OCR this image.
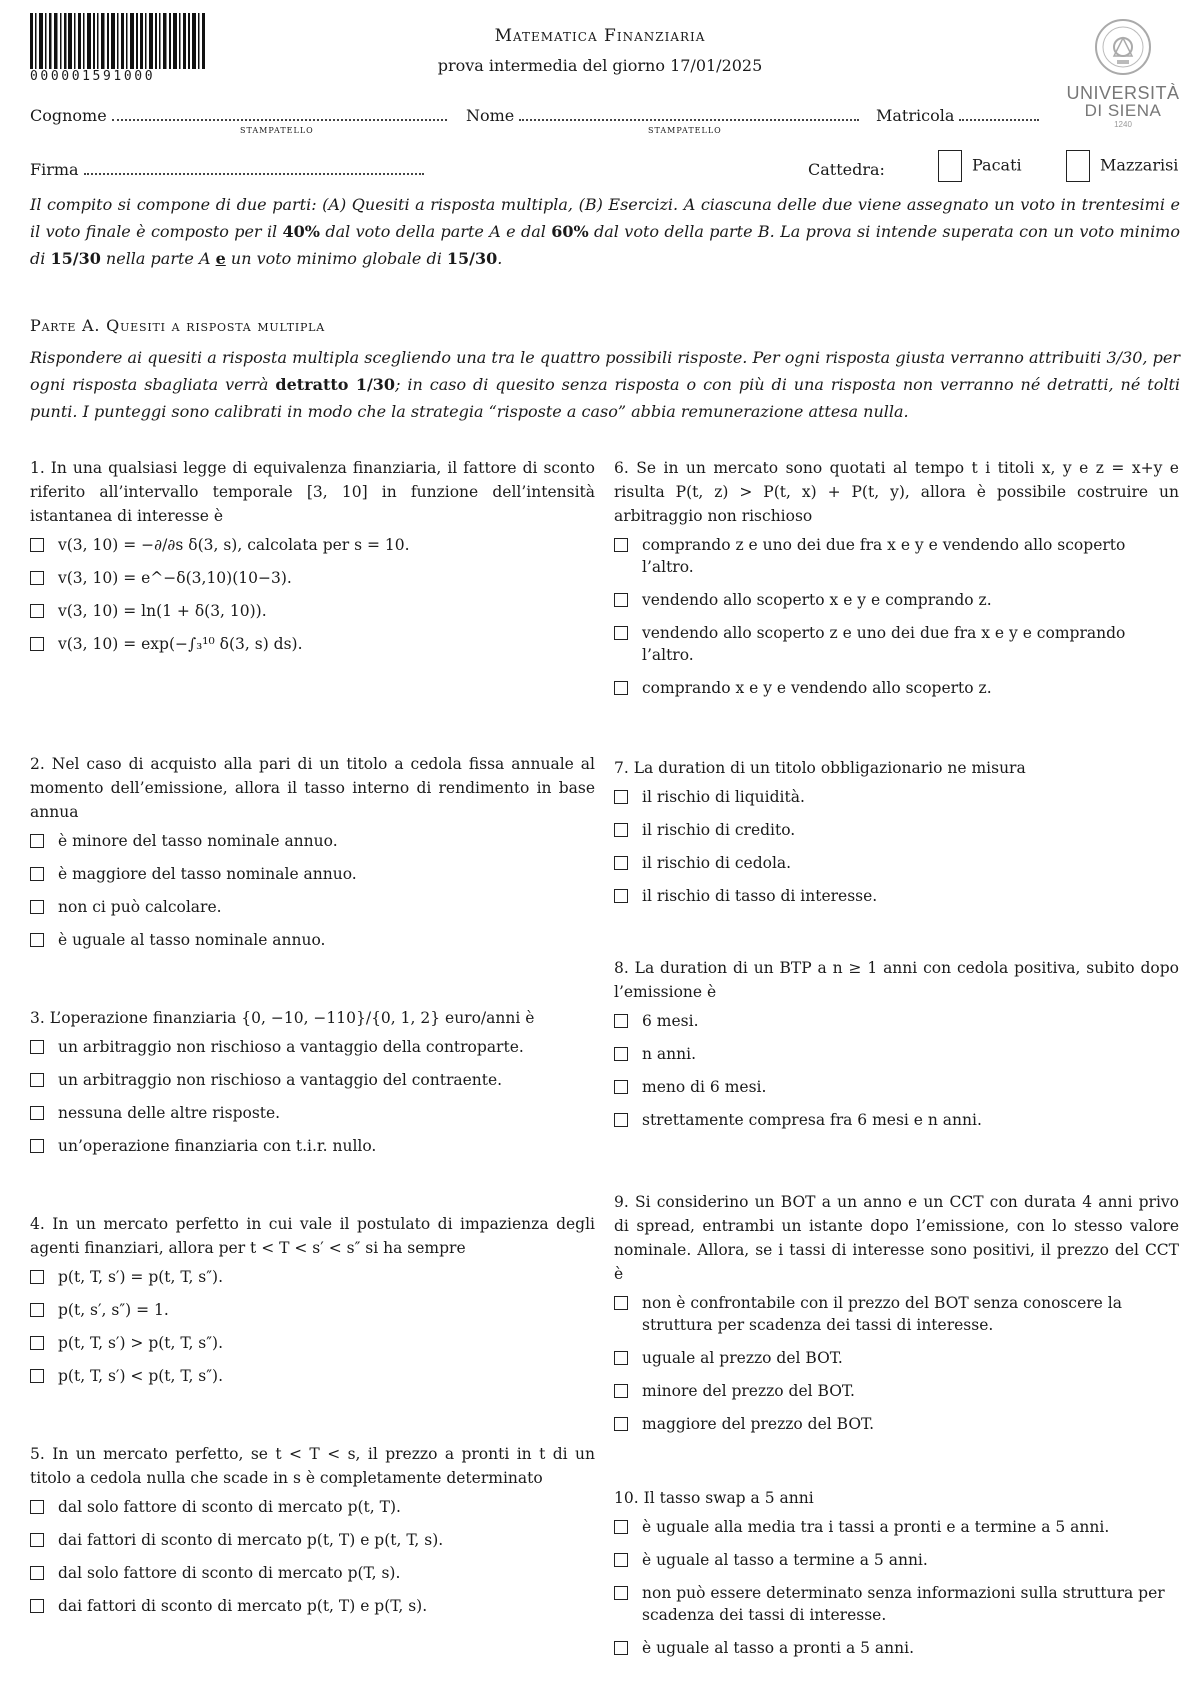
000001591000
Matematica Finanziaria
prova intermedia del giorno 17/01/2025
UNIVERSITÀ
DI SIENA
1240
Cognome
STAMPATELLO
Nome
STAMPATELLO
Matricola
Firma	Cattedra:	Pacati	Mazzarisi
Il compito si compone di due parti: (A) Quesiti a risposta multipla, (B) Esercizi. A ciascuna delle due viene assegnato un voto in trentesimi e il voto finale è composto per il 40% dal voto della parte A e dal 60% dal voto della parte B. La prova si intende superata con un voto minimo di 15/30 nella parte A e un voto minimo globale di 15/30.
Parte A. Quesiti a risposta multipla
Rispondere ai quesiti a risposta multipla scegliendo una tra le quattro possibili risposte. Per ogni risposta giusta verranno attribuiti 3/30, per ogni risposta sbagliata verrà detratto 1/30; in caso di quesito senza risposta o con più di una risposta non verranno né detratti, né tolti punti. I punteggi sono calibrati in modo che la strategia “risposte a caso” abbia remunerazione attesa nulla.
1. In una qualsiasi legge di equivalenza finanziaria, il fattore di sconto riferito all’intervallo temporale [3, 10] in funzione dell’intensità istantanea di interesse è
v(3, 10) = −∂/∂s δ(3, s), calcolata per s = 10.
v(3, 10) = e^−δ(3,10)(10−3).
v(3, 10) = ln(1 + δ(3, 10)).
v(3, 10) = exp(−∫₃¹⁰ δ(3, s) ds).
2. Nel caso di acquisto alla pari di un titolo a cedola fissa annuale al momento dell’emissione, allora il tasso interno di rendimento in base annua
è minore del tasso nominale annuo.
è maggiore del tasso nominale annuo.
non ci può calcolare.
è uguale al tasso nominale annuo.
3. L’operazione finanziaria {0, −10, −110}/{0, 1, 2} euro/anni è
un arbitraggio non rischioso a vantaggio della controparte.
un arbitraggio non rischioso a vantaggio del contraente.
nessuna delle altre risposte.
un’operazione finanziaria con t.i.r. nullo.
4. In un mercato perfetto in cui vale il postulato di impazienza degli agenti finanziari, allora per t < T < s′ < s″ si ha sempre
p(t, T, s′) = p(t, T, s″).
p(t, s′, s″) = 1.
p(t, T, s′) > p(t, T, s″).
p(t, T, s′) < p(t, T, s″).
5. In un mercato perfetto, se t < T < s, il prezzo a pronti in t di un titolo a cedola nulla che scade in s è completamente determinato
dal solo fattore di sconto di mercato p(t, T).
dai fattori di sconto di mercato p(t, T) e p(t, T, s).
dal solo fattore di sconto di mercato p(T, s).
dai fattori di sconto di mercato p(t, T) e p(T, s).
6. Se in un mercato sono quotati al tempo t i titoli x, y e z = x+y e risulta P(t, z) > P(t, x) + P(t, y), allora è possibile costruire un arbitraggio non rischioso
comprando z e uno dei due fra x e y e vendendo allo scoperto l’altro.
vendendo allo scoperto x e y e comprando z.
vendendo allo scoperto z e uno dei due fra x e y e comprando l’altro.
comprando x e y e vendendo allo scoperto z.
7. La duration di un titolo obbligazionario ne misura
il rischio di liquidità.
il rischio di credito.
il rischio di cedola.
il rischio di tasso di interesse.
8. La duration di un BTP a n ≥ 1 anni con cedola positiva, subito dopo l’emissione è
6 mesi.
n anni.
meno di 6 mesi.
strettamente compresa fra 6 mesi e n anni.
9. Si considerino un BOT a un anno e un CCT con durata 4 anni privo di spread, entrambi un istante dopo l’emissione, con lo stesso valore nominale. Allora, se i tassi di interesse sono positivi, il prezzo del CCT è
non è confrontabile con il prezzo del BOT senza conoscere la struttura per scadenza dei tassi di interesse.
uguale al prezzo del BOT.
minore del prezzo del BOT.
maggiore del prezzo del BOT.
10. Il tasso swap a 5 anni
è uguale alla media tra i tassi a pronti e a termine a 5 anni.
è uguale al tasso a termine a 5 anni.
non può essere determinato senza informazioni sulla struttura per scadenza dei tassi di interesse.
è uguale al tasso a pronti a 5 anni.
